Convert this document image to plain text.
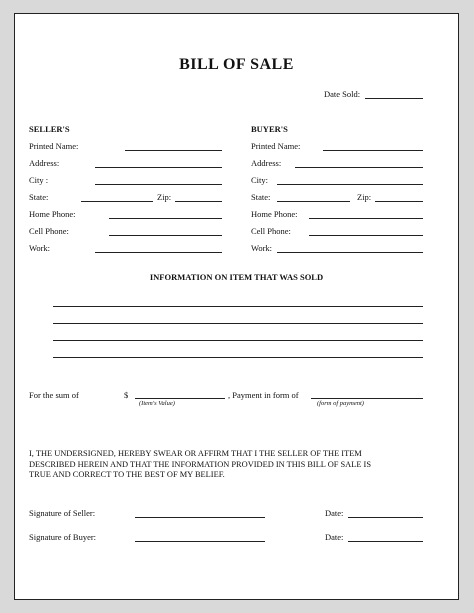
BILL OF SALE
Date Sold:
SELLER'S
Printed Name:
Address:
City :
State:	Zip:
Home Phone:
Cell Phone:
Work:
BUYER'S
Printed Name:
Address:
City:
State:	Zip:
Home Phone:
Cell Phone:
Work:
INFORMATION ON ITEM THAT WAS SOLD
For the sum of	$
(Item's Value)
, Payment in form of
(form of payment)
I, THE UNDERSIGNED, HEREBY SWEAR OR AFFIRM THAT I THE SELLER OF THE ITEM DESCRIBED HEREIN AND THAT THE INFORMATION PROVIDED IN THIS BILL OF SALE IS TRUE AND CORRECT TO THE BEST OF MY BELIEF.
Signature of Seller:	Date:
Signature of Buyer:	Date:
